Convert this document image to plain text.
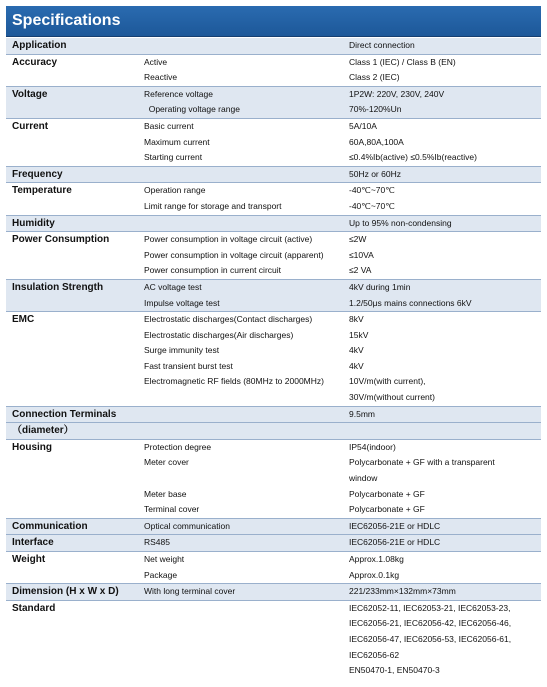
Specifications
Application		Direct connection
Accuracy	Active	Class 1 (IEC) / Class B (EN)
	Reactive	Class 2 (IEC)
Voltage	Reference voltage	1P2W: 220V, 230V, 240V
	Operating voltage range	70%-120%Un
Current	Basic current	5A/10A
	Maximum current	60A,80A,100A
	Starting current	≤0.4%Ib(active) ≤0.5%Ib(reactive)
Frequency		50Hz or 60Hz
Temperature	Operation range	-40℃~70℃
	Limit range for storage and transport	-40℃~70℃
Humidity		Up to 95% non-condensing
Power Consumption	Power consumption in voltage circuit (active)	≤2W
	Power consumption in voltage circuit (apparent)	≤10VA
	Power consumption in current circuit	≤2 VA
Insulation Strength	AC voltage test	4kV during 1min
	Impulse voltage test	1.2/50μs mains connections 6kV
EMC	Electrostatic discharges(Contact discharges)	8kV
	Electrostatic discharges(Air discharges)	15kV
	Surge immunity test	4kV
	Fast transient burst test	4kV
	Electromagnetic RF fields (80MHz to 2000MHz)	10V/m(with current),
		30V/m(without current)
Connection Terminals		9.5mm
（diameter）		
Housing	Protection degree	IP54(indoor)
	Meter cover	Polycarbonate + GF with a transparent
		window
	Meter base	Polycarbonate + GF
	Terminal cover	Polycarbonate + GF
Communication	Optical communication	IEC62056-21E or HDLC
Interface	RS485	IEC62056-21E or HDLC
Weight	Net weight	Approx.1.08kg
	Package	Approx.0.1kg
Dimension (H x W x D)	With long terminal cover	221/233mm×132mm×73mm

Standard		IEC62052-11, IEC62053-21, IEC62053-23,
		IEC62056-21, IEC62056-42, IEC62056-46,
		IEC62056-47, IEC62056-53, IEC62056-61,
		IEC62056-62
		EN50470-1, EN50470-3
